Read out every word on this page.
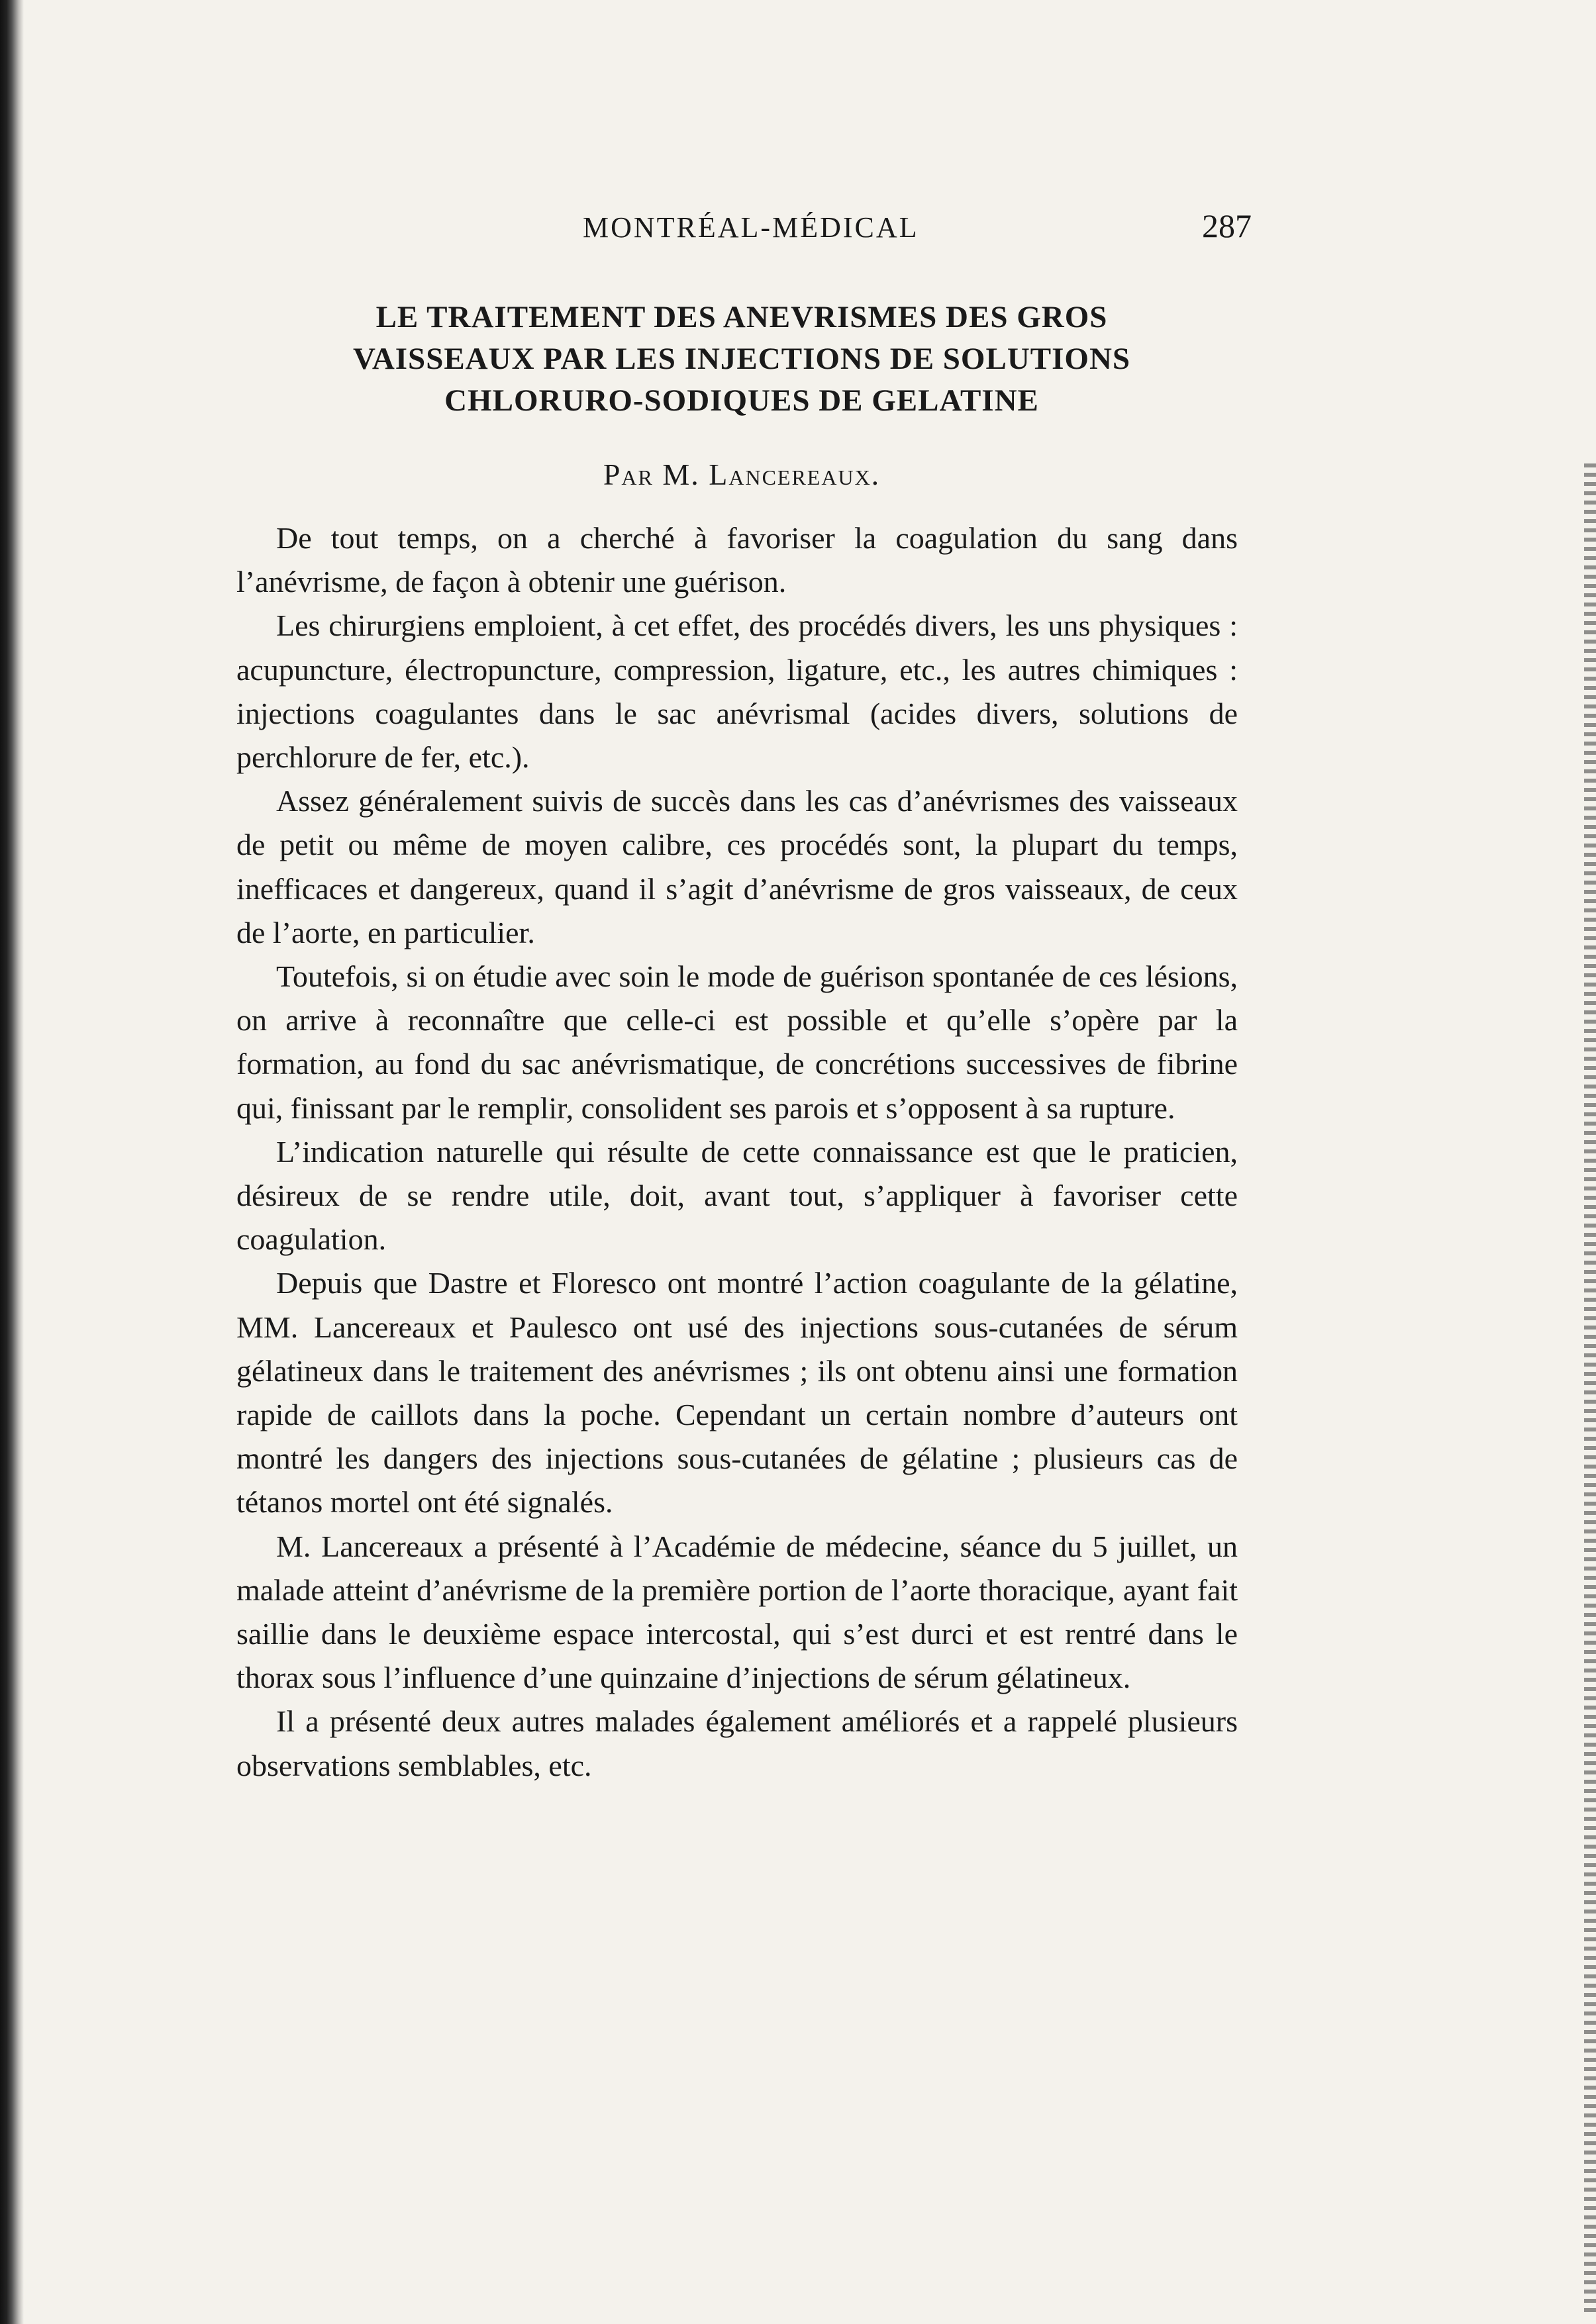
MONTRÉAL-MÉDICAL	287
LE TRAITEMENT DES ANEVRISMES DES GROS
VAISSEAUX PAR LES INJECTIONS DE SOLUTIONS
CHLORURO-SODIQUES DE GELATINE
Par M. Lancereaux.

De tout temps, on a cherché à favoriser la coagulation du sang dans l’anévrisme, de façon à obtenir une guérison.

Les chirurgiens emploient, à cet effet, des procédés divers, les uns physiques : acupuncture, électropuncture, compression, ligature, etc., les autres chimiques : injections coagulantes dans le sac anévrismal (acides divers, solutions de perchlorure de fer, etc.).

Assez généralement suivis de succès dans les cas d’anévrismes des vaisseaux de petit ou même de moyen calibre, ces procédés sont, la plupart du temps, inefficaces et dangereux, quand il s’agit d’anévrisme de gros vaisseaux, de ceux de l’aorte, en particulier.

Toutefois, si on étudie avec soin le mode de guérison spontanée de ces lésions, on arrive à reconnaître que celle-ci est possible et qu’elle s’opère par la formation, au fond du sac anévrismatique, de concrétions successives de fibrine qui, finissant par le remplir, consolident ses parois et s’opposent à sa rupture.

L’indication naturelle qui résulte de cette connaissance est que le praticien, désireux de se rendre utile, doit, avant tout, s’appliquer à favoriser cette coagulation.

Depuis que Dastre et Floresco ont montré l’action coagulante de la gélatine, MM. Lancereaux et Paulesco ont usé des injections sous-cutanées de sérum gélatineux dans le traitement des anévrismes ; ils ont obtenu ainsi une formation rapide de caillots dans la poche. Cependant un certain nombre d’auteurs ont montré les dangers des injections sous-cutanées de gélatine ; plusieurs cas de tétanos mortel ont été signalés.

M. Lancereaux a présenté à l’Académie de médecine, séance du 5 juillet, un malade atteint d’anévrisme de la première portion de l’aorte thoracique, ayant fait saillie dans le deuxième espace intercostal, qui s’est durci et est rentré dans le thorax sous l’influence d’une quinzaine d’injections de sérum gélatineux.

Il a présenté deux autres malades également améliorés et a rappelé plusieurs observations semblables, etc.
